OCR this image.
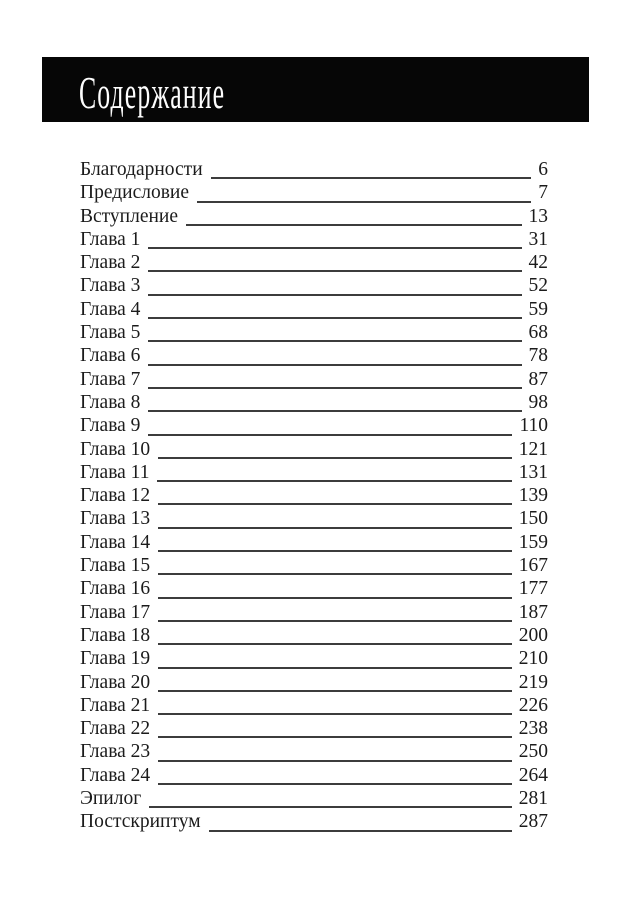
Содержание
Благодарности	6
Предисловие	7
Вступление	13
Глава 1	31
Глава 2	42
Глава 3	52
Глава 4	59
Глава 5	68
Глава 6	78
Глава 7	87
Глава 8	98
Глава 9	110
Глава 10	121
Глава 11	131
Глава 12	139
Глава 13	150
Глава 14	159
Глава 15	167
Глава 16	177
Глава 17	187
Глава 18	200
Глава 19	210
Глава 20	219
Глава 21	226
Глава 22	238
Глава 23	250
Глава 24	264
Эпилог	281
Постскриптум	287
